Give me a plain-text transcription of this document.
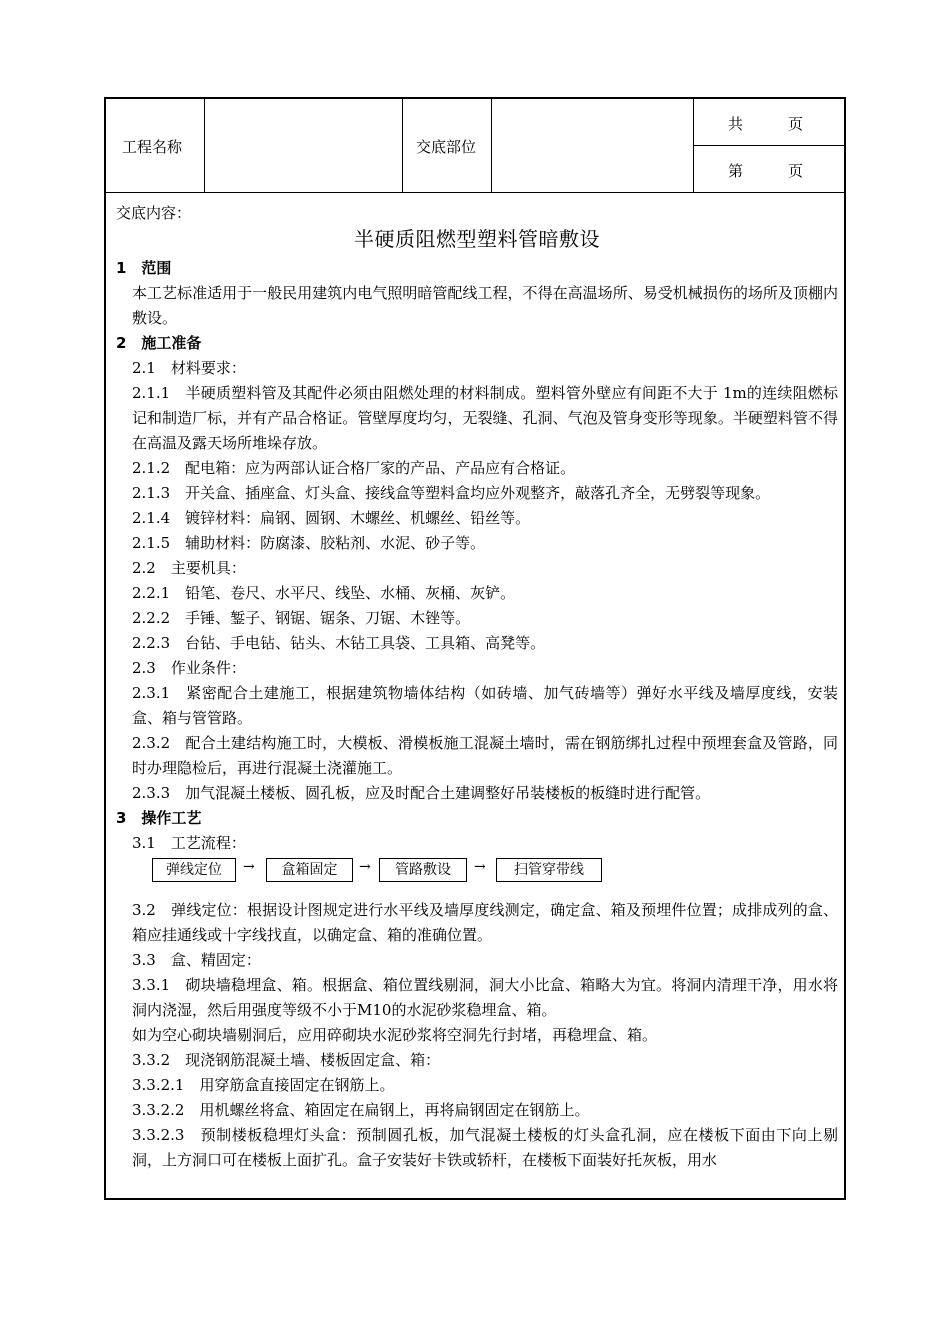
工程名称	交底部位
共　　　页
第　　　页
交底内容：
半硬质阻燃型塑料管暗敷设
1　范围
本工艺标准适用于一般民用建筑内电气照明暗管配线工程，不得在高温场所、易受机械损伤的场所及顶棚内敷设。
2　施工准备
2.1　材料要求：
2.1.1　半硬质塑料管及其配件必须由阻燃处理的材料制成。塑料管外壁应有间距不大于 1m的连续阻燃标记和制造厂标，并有产品合格证。管壁厚度均匀，无裂缝、孔洞、气泡及管身变形等现象。半硬塑料管不得在高温及露天场所堆垛存放。
2.1.2　配电箱：应为两部认证合格厂家的产品、产品应有合格证。
2.1.3　开关盒、插座盒、灯头盒、接线盒等塑料盒均应外观整齐，敲落孔齐全，无劈裂等现象。
2.1.4　镀锌材料：扁钢、圆钢、木螺丝、机螺丝、铅丝等。
2.1.5　辅助材料：防腐漆、胶粘剂、水泥、砂子等。
2.2　主要机具：
2.2.1　铅笔、卷尺、水平尺、线坠、水桶、灰桶、灰铲。
2.2.2　手锤、錾子、钢锯、锯条、刀锯、木锉等。
2.2.3　台钻、手电钻、钻头、木钻工具袋、工具箱、高凳等。
2.3　作业条件：
2.3.1　紧密配合土建施工，根据建筑物墙体结构（如砖墙、加气砖墙等）弹好水平线及墙厚度线，安装盒、箱与管管路。
2.3.2　配合土建结构施工时，大模板、滑模板施工混凝土墙时，需在钢筋绑扎过程中预埋套盒及管路，同时办理隐检后，再进行混凝土浇灌施工。
2.3.3　加气混凝土楼板、圆孔板，应及时配合土建调整好吊装楼板的板缝时进行配管。
3　操作工艺
3.1　工艺流程：
弹线定位	→	盒箱固定	→	管路敷设	→	扫管穿带线
3.2　弹线定位：根据设计图规定进行水平线及墙厚度线测定，确定盒、箱及预埋件位置；成排成列的盒、箱应挂通线或十字线找直，以确定盒、箱的准确位置。
3.3　盒、精固定：
3.3.1　砌块墙稳埋盒、箱。根据盒、箱位置线剔洞，洞大小比盒、箱略大为宜。将洞内清理干净，用水将洞内浇湿，然后用强度等级不小于M10的水泥砂浆稳埋盒、箱。
如为空心砌块墙剔洞后，应用碎砌块水泥砂浆将空洞先行封堵，再稳埋盒、箱。
3.3.2　现浇钢筋混凝土墙、楼板固定盒、箱：
3.3.2.1　用穿筋盒直接固定在钢筋上。
3.3.2.2　用机螺丝将盒、箱固定在扁钢上，再将扁钢固定在钢筋上。
3.3.2.3　预制楼板稳埋灯头盒：预制圆孔板，加气混凝土楼板的灯头盒孔洞，应在楼板下面由下向上剔洞，上方洞口可在楼板上面扩孔。盒子安装好卡铁或轿杆，在楼板下面装好托灰板，用水
